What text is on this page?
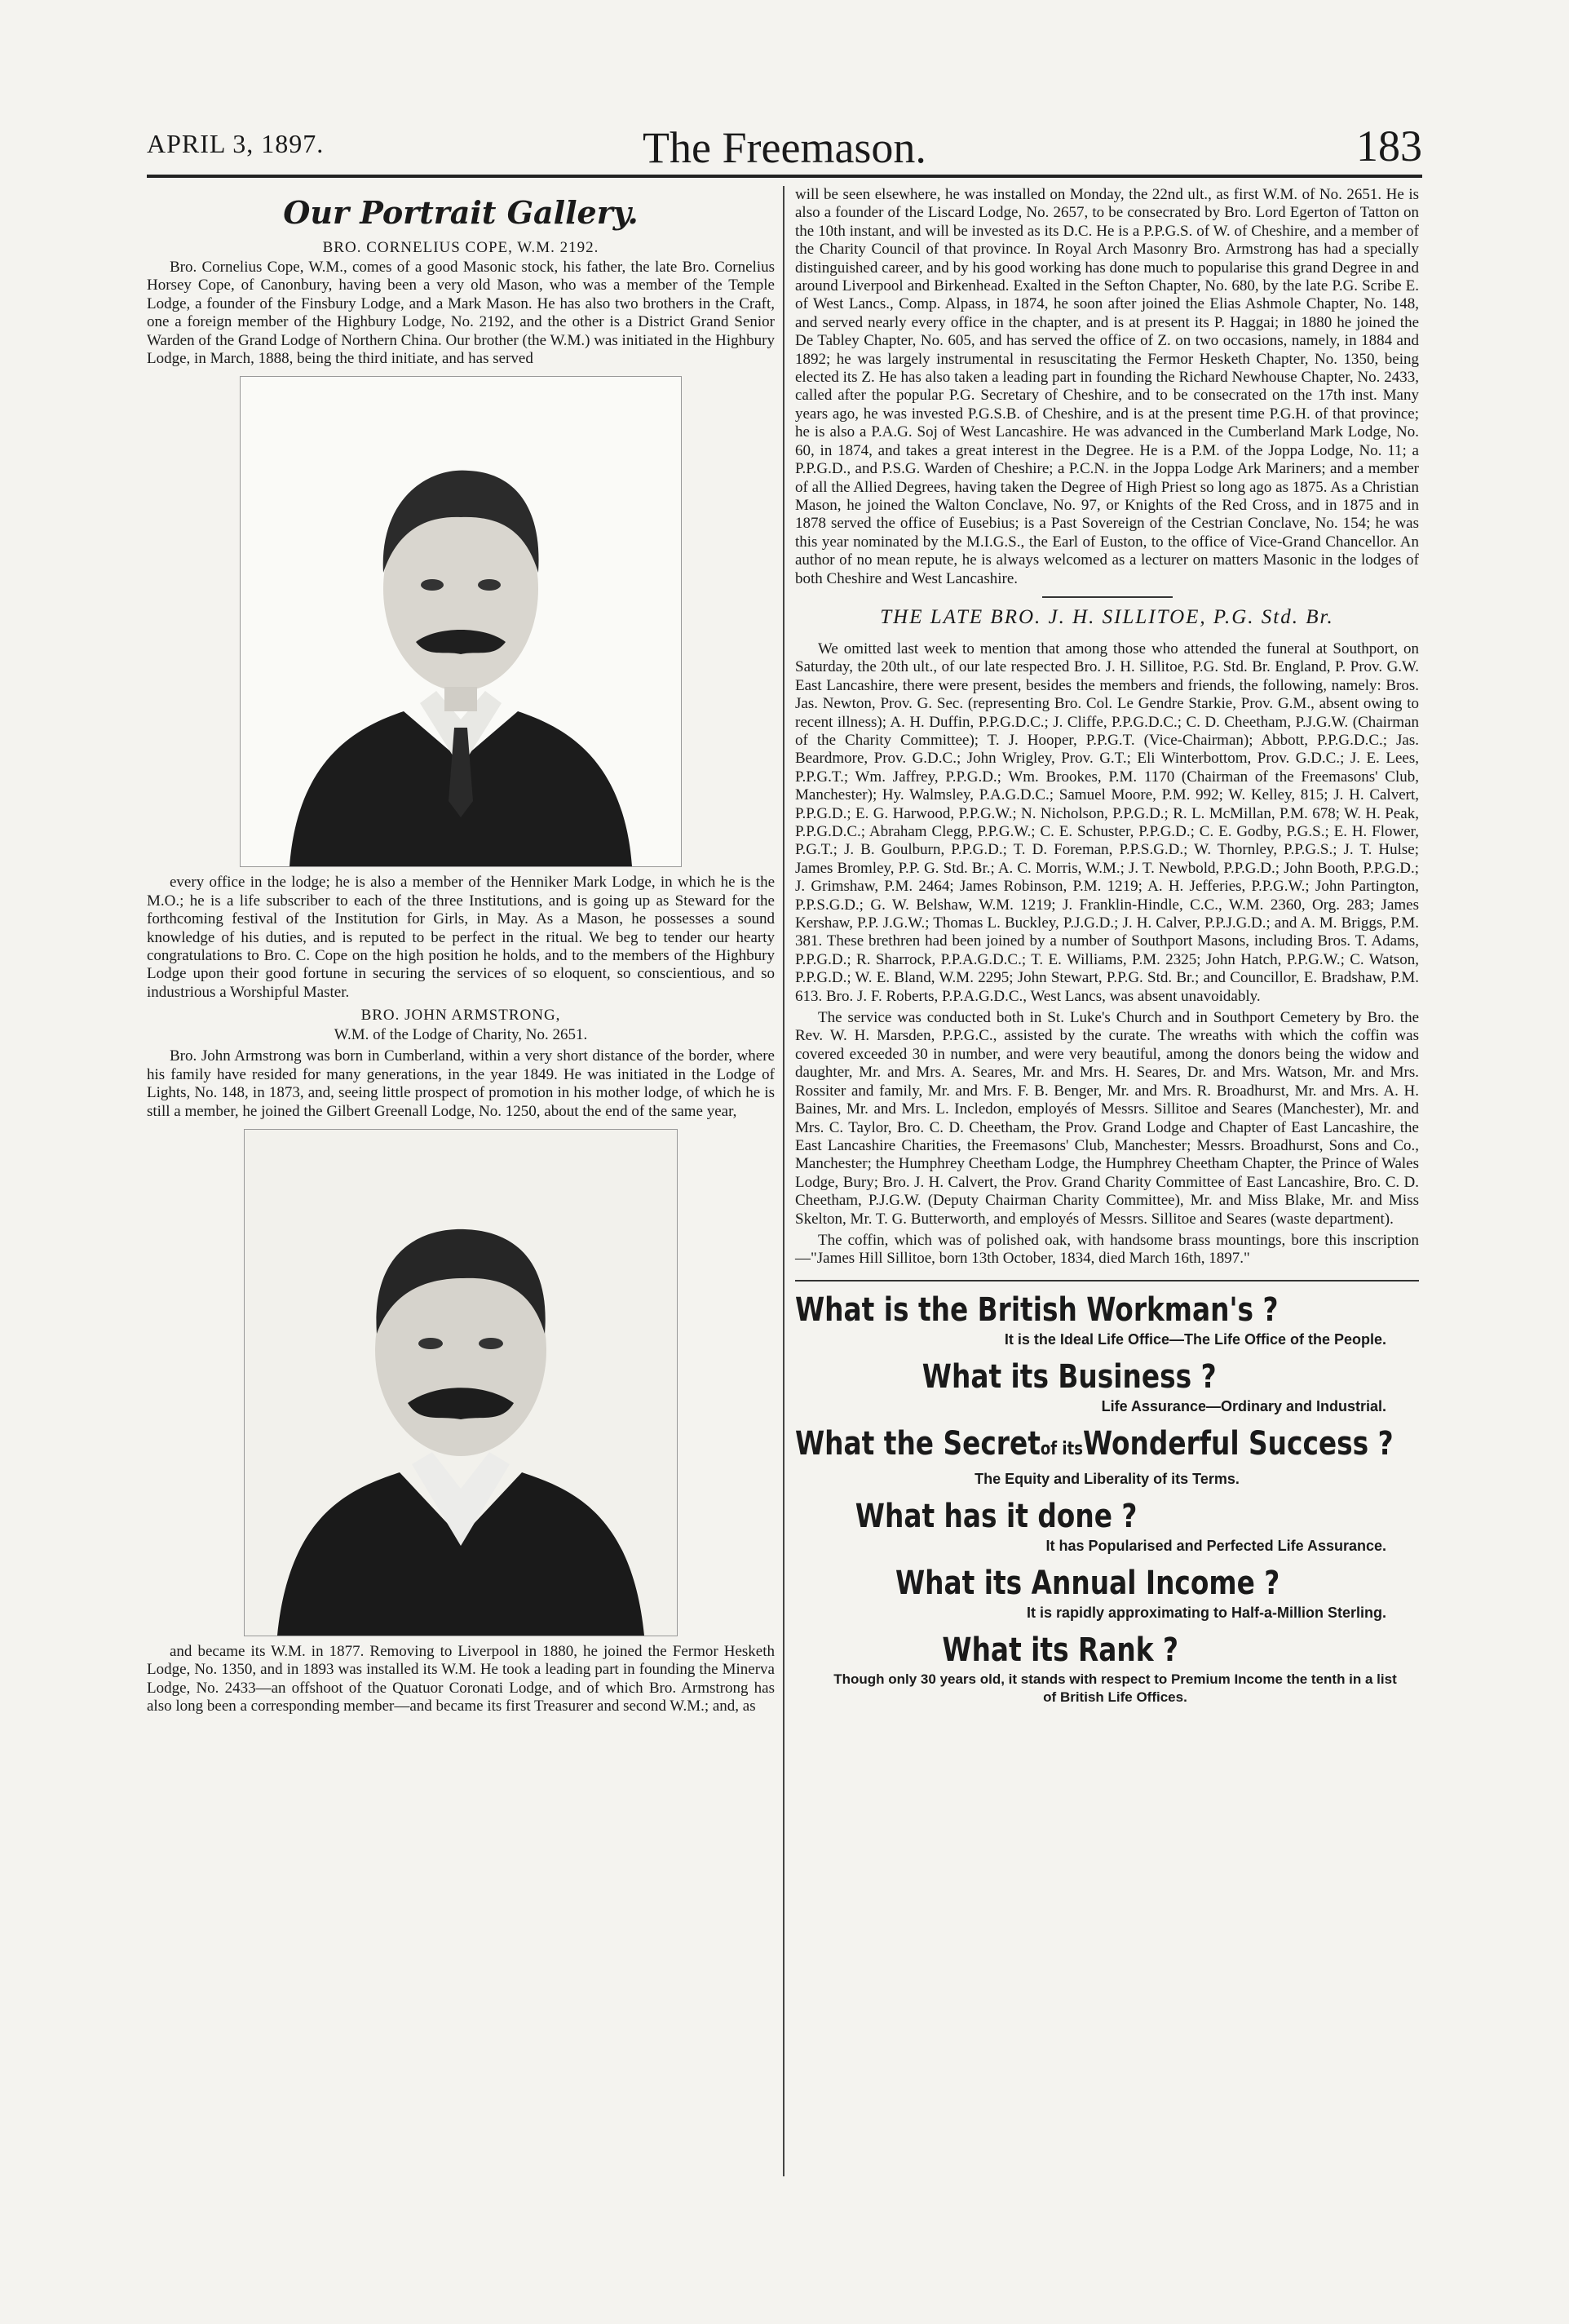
APRIL 3, 1897.	The Freemason.	183
Our Portrait Gallery.
BRO. CORNELIUS COPE, W.M. 2192.

Bro. Cornelius Cope, W.M., comes of a good Masonic stock, his father, the late Bro. Cornelius Horsey Cope, of Canonbury, having been a very old Mason, who was a member of the Temple Lodge, a founder of the Finsbury Lodge, and a Mark Mason. He has also two brothers in the Craft, one a foreign member of the Highbury Lodge, No. 2192, and the other is a District Grand Senior Warden of the Grand Lodge of Northern China. Our brother (the W.M.) was initiated in the Highbury Lodge, in March, 1888, being the third initiate, and has served

every office in the lodge; he is also a member of the Henniker Mark Lodge, in which he is the M.O.; he is a life subscriber to each of the three Institutions, and is going up as Steward for the forthcoming festival of the Institution for Girls, in May. As a Mason, he possesses a sound knowledge of his duties, and is reputed to be perfect in the ritual. We beg to tender our hearty congratulations to Bro. C. Cope on the high position he holds, and to the members of the Highbury Lodge upon their good fortune in securing the services of so eloquent, so conscientious, and so industrious a Worshipful Master.

BRO. JOHN ARMSTRONG,
W.M. of the Lodge of Charity, No. 2651.

Bro. John Armstrong was born in Cumberland, within a very short distance of the border, where his family have resided for many generations, in the year 1849. He was initiated in the Lodge of Lights, No. 148, in 1873, and, seeing little prospect of promotion in his mother lodge, of which he is still a member, he joined the Gilbert Greenall Lodge, No. 1250, about the end of the same year,

and became its W.M. in 1877. Removing to Liverpool in 1880, he joined the Fermor Hesketh Lodge, No. 1350, and in 1893 was installed its W.M. He took a leading part in founding the Minerva Lodge, No. 2433—an offshoot of the Quatuor Coronati Lodge, and of which Bro. Armstrong has also long been a corresponding member—and became its first Treasurer and second W.M.; and, as

will be seen elsewhere, he was installed on Monday, the 22nd ult., as first W.M. of No. 2651. He is also a founder of the Liscard Lodge, No. 2657, to be consecrated by Bro. Lord Egerton of Tatton on the 10th instant, and will be invested as its D.C. He is a P.P.G.S. of W. of Cheshire, and a member of the Charity Council of that province. In Royal Arch Masonry Bro. Armstrong has had a specially distinguished career, and by his good working has done much to popularise this grand Degree in and around Liverpool and Birkenhead. Exalted in the Sefton Chapter, No. 680, by the late P.G. Scribe E. of West Lancs., Comp. Alpass, in 1874, he soon after joined the Elias Ashmole Chapter, No. 148, and served nearly every office in the chapter, and is at present its P. Haggai; in 1880 he joined the De Tabley Chapter, No. 605, and has served the office of Z. on two occasions, namely, in 1884 and 1892; he was largely instrumental in resuscitating the Fermor Hesketh Chapter, No. 1350, being elected its Z. He has also taken a leading part in founding the Richard Newhouse Chapter, No. 2433, called after the popular P.G. Secretary of Cheshire, and to be consecrated on the 17th inst. Many years ago, he was invested P.G.S.B. of Cheshire, and is at the present time P.G.H. of that province; he is also a P.A.G. Soj of West Lancashire. He was advanced in the Cumberland Mark Lodge, No. 60, in 1874, and takes a great interest in the Degree. He is a P.M. of the Joppa Lodge, No. 11; a P.P.G.D., and P.S.G. Warden of Cheshire; a P.C.N. in the Joppa Lodge Ark Mariners; and a member of all the Allied Degrees, having taken the Degree of High Priest so long ago as 1875. As a Christian Mason, he joined the Walton Conclave, No. 97, or Knights of the Red Cross, and in 1875 and in 1878 served the office of Eusebius; is a Past Sovereign of the Cestrian Conclave, No. 154; he was this year nominated by the M.I.G.S., the Earl of Euston, to the office of Vice-Grand Chancellor. An author of no mean repute, he is always welcomed as a lecturer on matters Masonic in the lodges of both Cheshire and West Lancashire.

THE LATE BRO. J. H. SILLITOE, P.G. Std. Br.

We omitted last week to mention that among those who attended the funeral at Southport, on Saturday, the 20th ult., of our late respected Bro. J. H. Sillitoe, P.G. Std. Br. England, P. Prov. G.W. East Lancashire, there were present, besides the members and friends, the following, namely: Bros. Jas. Newton, Prov. G. Sec. (representing Bro. Col. Le Gendre Starkie, Prov. G.M., absent owing to recent illness); A. H. Duffin, P.P.G.D.C.; J. Cliffe, P.P.G.D.C.; C. D. Cheetham, P.J.G.W. (Chairman of the Charity Committee); T. J. Hooper, P.P.G.T. (Vice-Chairman); Abbott, P.P.G.D.C.; Jas. Beardmore, Prov. G.D.C.; John Wrigley, Prov. G.T.; Eli Winterbottom, Prov. G.D.C.; J. E. Lees, P.P.G.T.; Wm. Jaffrey, P.P.G.D.; Wm. Brookes, P.M. 1170 (Chairman of the Freemasons' Club, Manchester); Hy. Walmsley, P.A.G.D.C.; Samuel Moore, P.M. 992; W. Kelley, 815; J. H. Calvert, P.P.G.D.; E. G. Harwood, P.P.G.W.; N. Nicholson, P.P.G.D.; R. L. McMillan, P.M. 678; W. H. Peak, P.P.G.D.C.; Abraham Clegg, P.P.G.W.; C. E. Schuster, P.P.G.D.; C. E. Godby, P.G.S.; E. H. Flower, P.G.T.; J. B. Goulburn, P.P.G.D.; T. D. Foreman, P.P.S.G.D.; W. Thornley, P.P.G.S.; J. T. Hulse; James Bromley, P.P. G. Std. Br.; A. C. Morris, W.M.; J. T. Newbold, P.P.G.D.; John Booth, P.P.G.D.; J. Grimshaw, P.M. 2464; James Robinson, P.M. 1219; A. H. Jefferies, P.P.G.W.; John Partington, P.P.S.G.D.; G. W. Belshaw, W.M. 1219; J. Franklin-Hindle, C.C., W.M. 2360, Org. 283; James Kershaw, P.P. J.G.W.; Thomas L. Buckley, P.J.G.D.; J. H. Calver, P.P.J.G.D.; and A. M. Briggs, P.M. 381. These brethren had been joined by a number of Southport Masons, including Bros. T. Adams, P.P.G.D.; R. Sharrock, P.P.A.G.D.C.; T. E. Williams, P.M. 2325; John Hatch, P.P.G.W.; C. Watson, P.P.G.D.; W. E. Bland, W.M. 2295; John Stewart, P.P.G. Std. Br.; and Councillor, E. Bradshaw, P.M. 613. Bro. J. F. Roberts, P.P.A.G.D.C., West Lancs, was absent unavoidably.

The service was conducted both in St. Luke's Church and in Southport Cemetery by Bro. the Rev. W. H. Marsden, P.P.G.C., assisted by the curate. The wreaths with which the coffin was covered exceeded 30 in number, and were very beautiful, among the donors being the widow and daughter, Mr. and Mrs. A. Seares, Mr. and Mrs. H. Seares, Dr. and Mrs. Watson, Mr. and Mrs. Rossiter and family, Mr. and Mrs. F. B. Benger, Mr. and Mrs. R. Broadhurst, Mr. and Mrs. A. H. Baines, Mr. and Mrs. L. Incledon, employés of Messrs. Sillitoe and Seares (Manchester), Mr. and Mrs. C. Taylor, Bro. C. D. Cheetham, the Prov. Grand Lodge and Chapter of East Lancashire, the East Lancashire Charities, the Freemasons' Club, Manchester; Messrs. Broadhurst, Sons and Co., Manchester; the Humphrey Cheetham Lodge, the Humphrey Cheetham Chapter, the Prince of Wales Lodge, Bury; Bro. J. H. Calvert, the Prov. Grand Charity Committee of East Lancashire, Bro. C. D. Cheetham, P.J.G.W. (Deputy Chairman Charity Committee), Mr. and Miss Blake, Mr. and Miss Skelton, Mr. T. G. Butterworth, and employés of Messrs. Sillitoe and Seares (waste department).

The coffin, which was of polished oak, with handsome brass mountings, bore this inscription—"James Hill Sillitoe, born 13th October, 1834, died March 16th, 1897."

What is the British Workman's ?
It is the Ideal Life Office—The Life Office of the People.
What its Business ?
Life Assurance—Ordinary and Industrial.
What the Secretof itsWonderful Success ?
The Equity and Liberality of its Terms.
What has it done ?
It has Popularised and Perfected Life Assurance.
What its Annual Income ?
It is rapidly approximating to Half-a-Million Sterling.
What its Rank ?
Though only 30 years old, it stands with respect to Premium Income the tenth in a list of British Life Offices.
